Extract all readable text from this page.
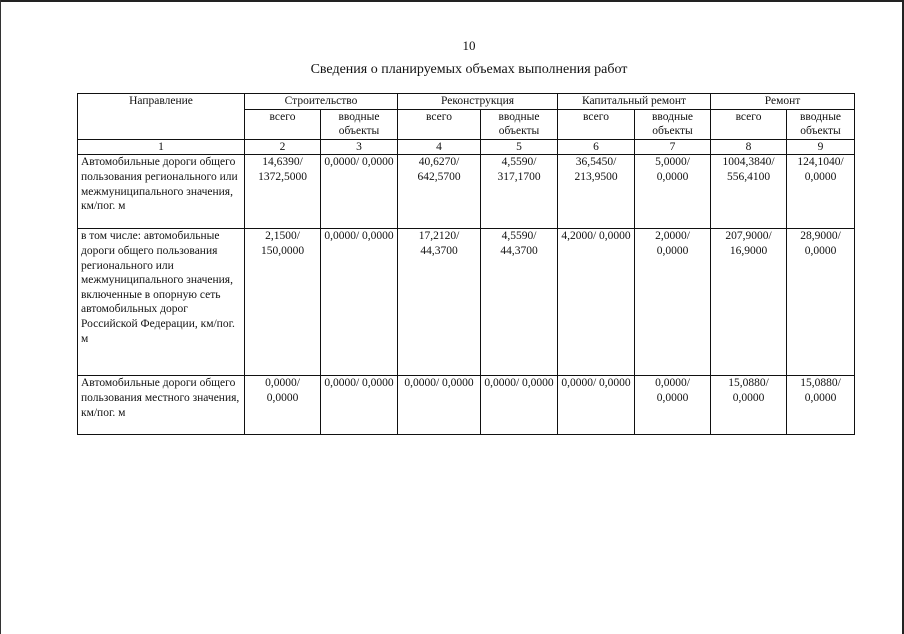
10
Сведения о планируемых объемах выполнения работ
Направление	Строительство		Реконструкция		Капитальный ремонт		Ремонт	
	всего	вводные объекты	всего	вводные объекты	всего	вводные объекты	всего	вводные объекты
1	2	3	4	5	6	7	8	9
Автомобильные дороги общего пользования регионального или межмуниципального значения, км/пог. м	14,6390/ 1372,5000	0,0000/ 0,0000	40,6270/ 642,5700	4,5590/ 317,1700	36,5450/ 213,9500	5,0000/ 0,0000	1004,3840/ 556,4100	124,1040/ 0,0000
в том числе: автомобильные дороги общего пользования регионального или межмуниципального значения, включенные в опорную сеть автомобильных дорог Российской Федерации, км/пог. м	2,1500/ 150,0000	0,0000/ 0,0000	17,2120/ 44,3700	4,5590/ 44,3700	4,2000/ 0,0000	2,0000/ 0,0000	207,9000/ 16,9000	28,9000/ 0,0000
Автомобильные дороги общего пользования местного значения, км/пог. м	0,0000/ 0,0000	0,0000/ 0,0000	0,0000/ 0,0000	0,0000/ 0,0000	0,0000/ 0,0000	0,0000/ 0,0000	15,0880/ 0,0000	15,0880/ 0,0000
